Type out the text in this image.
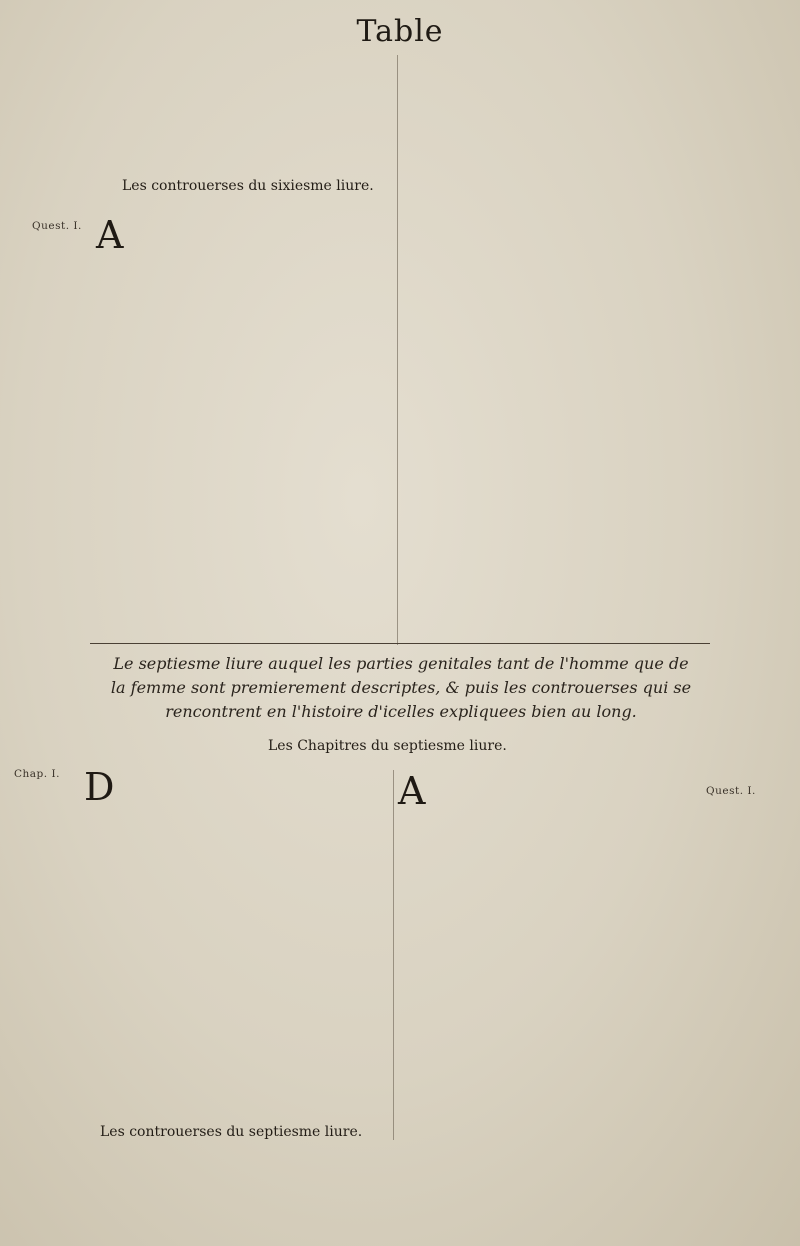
Table
Les controuerses du sixiesme liure.
Quest. I. A
Le septiesme liure auquel les parties genitales tant de l'homme que de la femme sont premierement descriptes, & puis les controuerses qui se rencontrent en l'histoire d'icelles expliquees bien au long.
Les Chapitres du septiesme liure.
Chap. I. D
Les controuerses du septiesme liure.
Quest. I.
A
